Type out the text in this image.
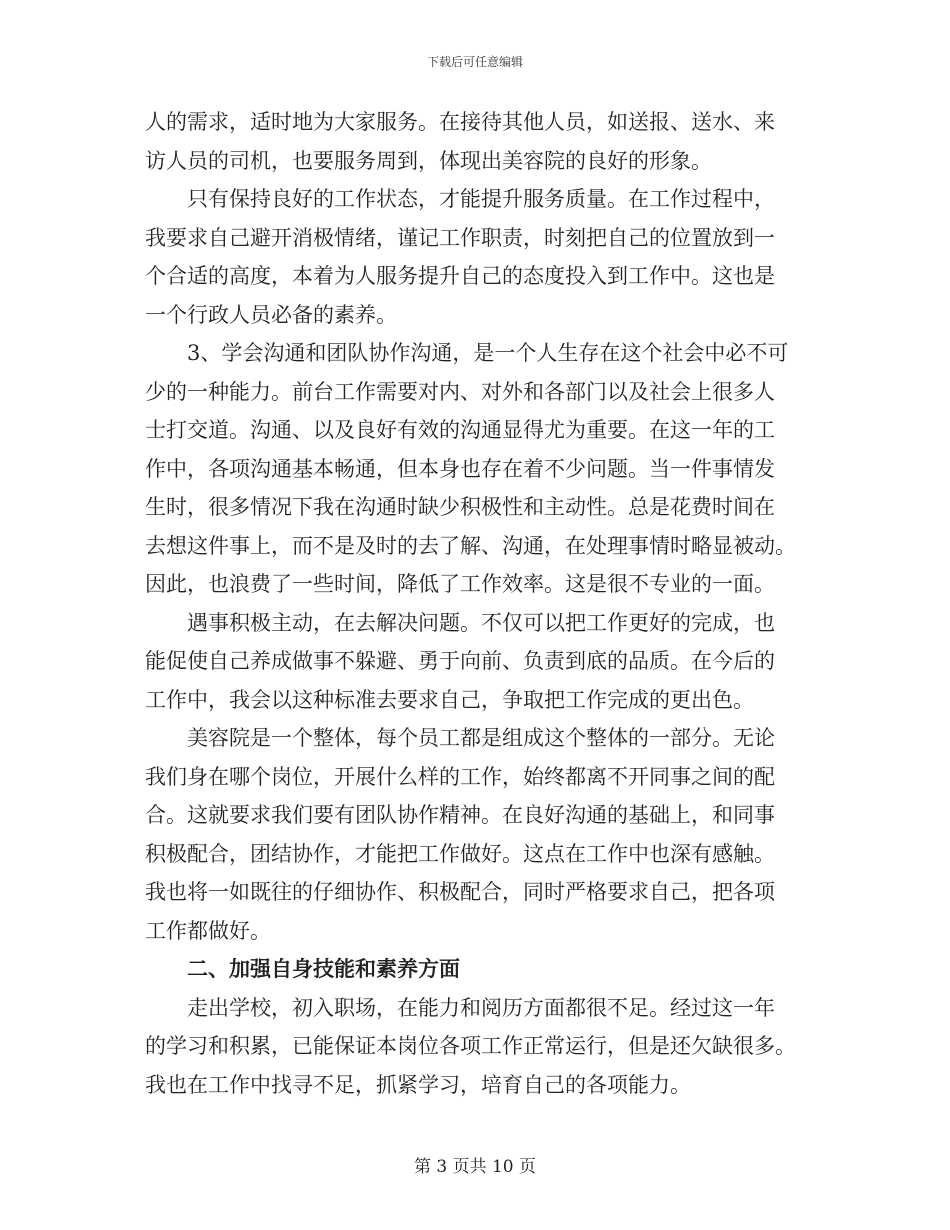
下载后可任意编辑
人的需求，适时地为大家服务。在接待其他人员，如送报、送水、来
访人员的司机，也要服务周到，体现出美容院的良好的形象。
只有保持良好的工作状态，才能提升服务质量。在工作过程中，
我要求自己避开消极情绪，谨记工作职责，时刻把自己的位置放到一
个合适的高度，本着为人服务提升自己的态度投入到工作中。这也是
一个行政人员必备的素养。
3、学会沟通和团队协作沟通，是一个人生存在这个社会中必不可
少的一种能力。前台工作需要对内、对外和各部门以及社会上很多人
士打交道。沟通、以及良好有效的沟通显得尤为重要。在这一年的工
作中，各项沟通基本畅通，但本身也存在着不少问题。当一件事情发
生时，很多情况下我在沟通时缺少积极性和主动性。总是花费时间在
去想这件事上，而不是及时的去了解、沟通，在处理事情时略显被动。
因此，也浪费了一些时间，降低了工作效率。这是很不专业的一面。
遇事积极主动，在去解决问题。不仅可以把工作更好的完成，也
能促使自己养成做事不躲避、勇于向前、负责到底的品质。在今后的
工作中，我会以这种标准去要求自己，争取把工作完成的更出色。
美容院是一个整体，每个员工都是组成这个整体的一部分。无论
我们身在哪个岗位，开展什么样的工作，始终都离不开同事之间的配
合。这就要求我们要有团队协作精神。在良好沟通的基础上，和同事
积极配合，团结协作，才能把工作做好。这点在工作中也深有感触。
我也将一如既往的仔细协作、积极配合，同时严格要求自己，把各项
工作都做好。
二、加强自身技能和素养方面
走出学校，初入职场，在能力和阅历方面都很不足。经过这一年
的学习和积累，已能保证本岗位各项工作正常运行，但是还欠缺很多。
我也在工作中找寻不足，抓紧学习，培育自己的各项能力。
第 3 页共 10 页
